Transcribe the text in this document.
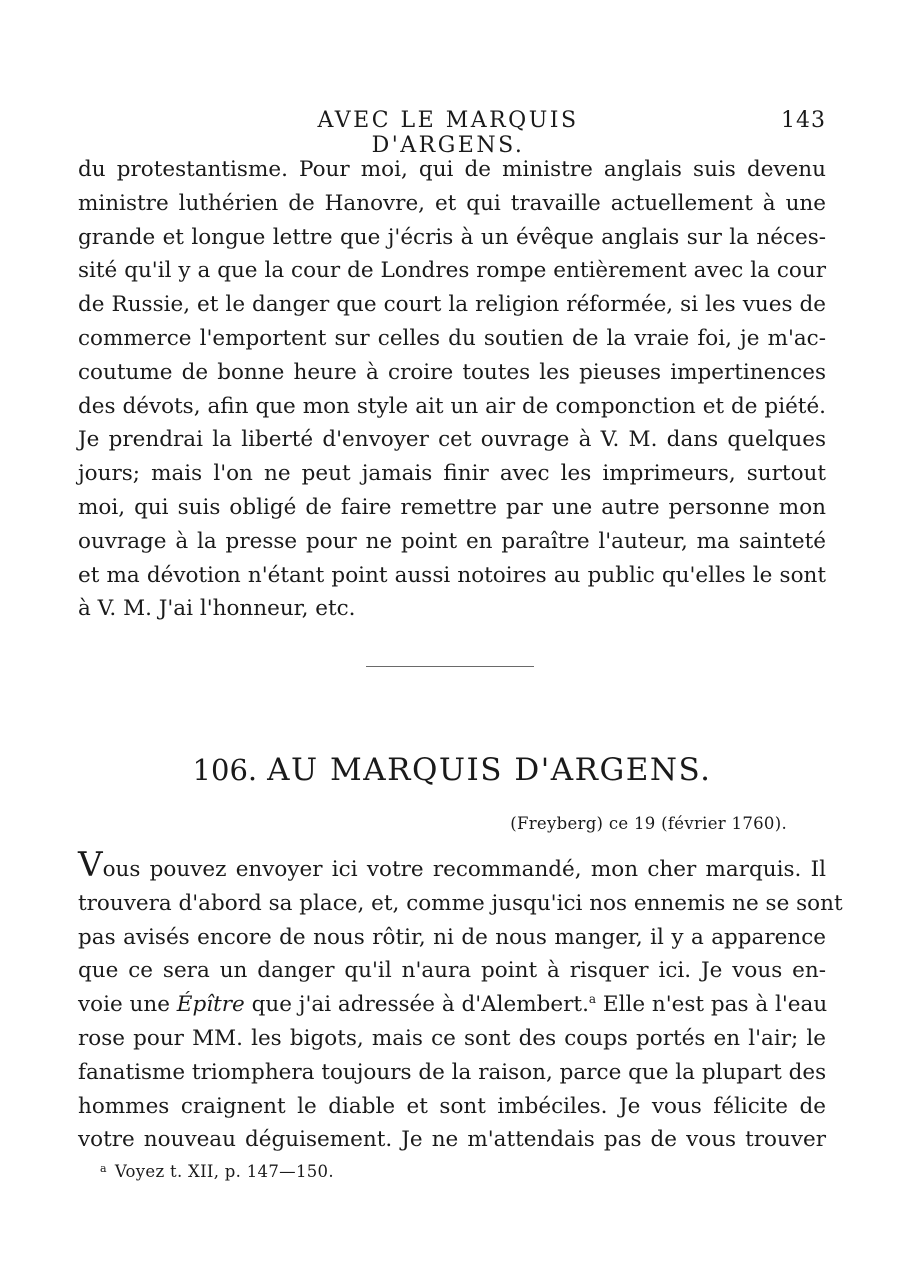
AVEC LE MARQUIS D'ARGENS.
143
du protestantisme. Pour moi, qui de ministre anglais suis devenu
ministre luthérien de Hanovre, et qui travaille actuellement à une
grande et longue lettre que j'écris à un évêque anglais sur la néces-
sité qu'il y a que la cour de Londres rompe entièrement avec la cour
de Russie, et le danger que court la religion réformée, si les vues de
commerce l'emportent sur celles du soutien de la vraie foi, je m'ac-
coutume de bonne heure à croire toutes les pieuses impertinences
des dévots, afin que mon style ait un air de componction et de piété.
Je prendrai la liberté d'envoyer cet ouvrage à V. M. dans quelques
jours; mais l'on ne peut jamais finir avec les imprimeurs, surtout
moi, qui suis obligé de faire remettre par une autre personne mon
ouvrage à la presse pour ne point en paraître l'auteur, ma sainteté
et ma dévotion n'étant point aussi notoires au public qu'elles le sont
à V. M. J'ai l'honneur, etc.
106. AU MARQUIS D'ARGENS.
(Freyberg) ce 19 (février 1760).
Vous pouvez envoyer ici votre recommandé, mon cher marquis. Il
trouvera d'abord sa place, et, comme jusqu'ici nos ennemis ne se sont
pas avisés encore de nous rôtir, ni de nous manger, il y a apparence
que ce sera un danger qu'il n'aura point à risquer ici. Je vous en-
voie une Épître que j'ai adressée à d'Alembert.$^a$ Elle n'est pas à l'eau
rose pour MM. les bigots, mais ce sont des coups portés en l'air; le
fanatisme triomphera toujours de la raison, parce que la plupart des
hommes craignent le diable et sont imbéciles. Je vous félicite de
votre nouveau déguisement. Je ne m'attendais pas de vous trouver
$^a$ Voyez t. XII, p. 147—150.
